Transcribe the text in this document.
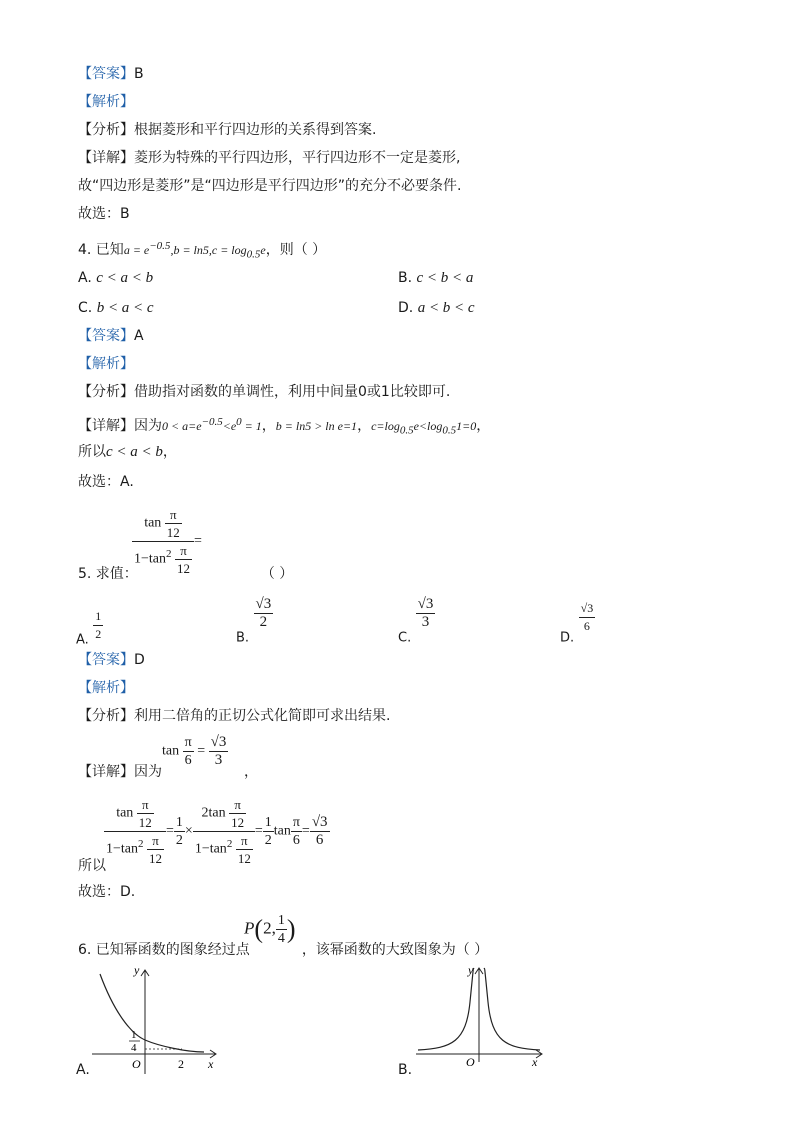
【答案】B
【解析】
【分析】根据菱形和平行四边形的关系得到答案.
【详解】菱形为特殊的平行四边形，平行四边形不一定是菱形,
故“四边形是菱形”是“四边形是平行四边形”的充分不必要条件.
故选：B
4. 已知$a = e^{-0.5},b = \ln 5,c = \log_{0.5}e$，则（ ）
A. c < a < b	B. c < b < a
C. b < a < c	D. a < b < c
【答案】A
【解析】
【分析】借助指对函数的单调性，利用中间量0或1比较即可.
【详解】因为$0 < a=e^{-0.5}<e^0 = 1$，b = ln5 > ln e=1，$c=\log_{0.5}e<\log_{0.5}1=0$，
所以c < a < b，
故选：A.
$\frac{\tan \frac{\pi}{12}}{1-\tan^2 \frac{\pi}{12}}$ =
5. 求值：	（ ）
A. $\frac{1}{2}$	B.
$\frac{√3}{2}$
C.
$\frac{√3}{3}$
D.
$\frac{√3}{6}$
【答案】D
【解析】
【分析】利用二倍角的正切公式化简即可求出结果.
$\tan \frac{\pi}{6} = \frac{√3}{3}$
【详解】因为	，
$\frac{\tan \frac{\pi}{12}}{1-\tan^2 \frac{\pi}{12}} = \frac{1}{2} \times \frac{2\tan \frac{\pi}{12}}{1-\tan^2 \frac{\pi}{12}} = \frac{1}{2}$ $\tan \frac{\pi}{6} = \frac{√3}{6}$
所以
故选：D.
6. 已知幂函数的图象经过点	，该幂函数的大致图象为（ ）
P(2, $\frac{1}{4}$ )
y
x
O
1
4
2
A.
y
x
O
B.
